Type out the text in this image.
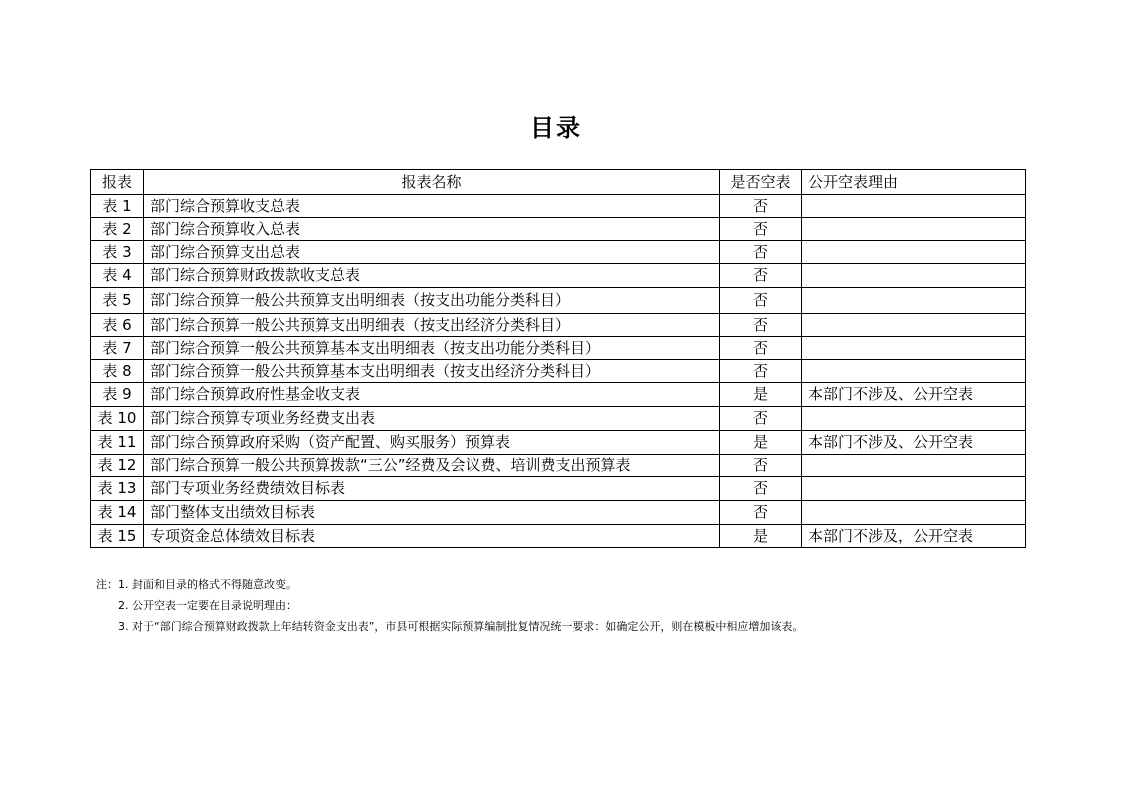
目录
报表	报表名称	是否空表	公开空表理由
表 1	部门综合预算收支总表	否	
表 2	部门综合预算收入总表	否	
表 3	部门综合预算支出总表	否	
表 4	部门综合预算财政拨款收支总表	否	
表 5	部门综合预算一般公共预算支出明细表（按支出功能分类科目）	否	
表 6	部门综合预算一般公共预算支出明细表（按支出经济分类科目）	否	
表 7	部门综合预算一般公共预算基本支出明细表（按支出功能分类科目）	否	
表 8	部门综合预算一般公共预算基本支出明细表（按支出经济分类科目）	否	
表 9	部门综合预算政府性基金收支表	是	本部门不涉及、公开空表
表 10	部门综合预算专项业务经费支出表	否	
表 11	部门综合预算政府采购（资产配置、购买服务）预算表	是	本部门不涉及、公开空表
表 12	部门综合预算一般公共预算拨款“三公”经费及会议费、培训费支出预算表	否	
表 13	部门专项业务经费绩效目标表	否	
表 14	部门整体支出绩效目标表	否	
表 15	专项资金总体绩效目标表	是	本部门不涉及，公开空表
注：1. 封面和目录的格式不得随意改变。
2. 公开空表一定要在目录说明理由：
3. 对于“部门综合预算财政拨款上年结转资金支出表”，市县可根据实际预算编制批复情况统一要求：如确定公开，则在模板中相应增加该表。
